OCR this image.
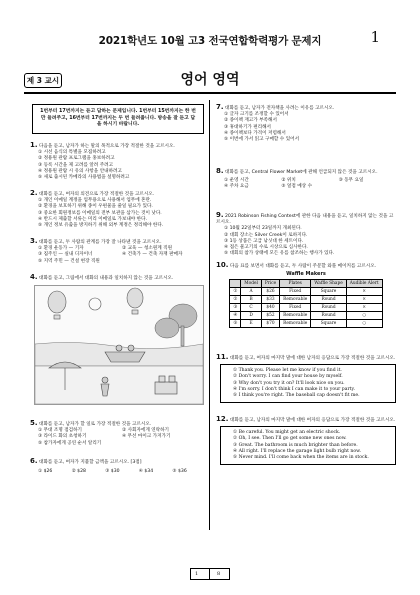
2021학년도 10월 고3 전국연합학력평가 문제지	1
제 3 교시	영어 영역
1번부터 17번까지는 듣고 답하는 문제입니다. 1번부터 15번까지는 한 번만 들려주고, 16번부터 17번까지는 두 번 들려줍니다. 방송을 잘 듣고 답을 하시기 바랍니다.
1. 다음을 듣고, 남자가 하는 말의 목적으로 가장 적절한 것을 고르시오.
① 시선 음식의 특별을 모집하려고
② 정용원 관람 프로그램을 홍보하려고
③ 등록 시간을 제 고려를 알려 주려고
④ 정용원 관람 시 유의 사항을 안내하려고
⑤ 새로 출시된 카메라의 사용법을 설명하려고
2. 대화를 듣고, 여자의 의견으로 가장 적절한 것을 고르시오.
① 개인 이메일 계정을 업무용으로 사용해서 업무에 혼란.
② 환경을 보호하기 위해 종이 우편물을 줄일 필요가 있다.
③ 중요한 회원정보를 이메일의 전부 보관을 삼가는 것이 낫다.
④ 반드시 제출할 서류는 미리 이메일로 가보내야 한다.
⑤ 개인 정보 유출을 방지하기 위해 외부 계정은 정리해야 한다.
3. 대화를 듣고, 두 사람의 관계를 가장 잘 나타낸 것을 고르시오.
① 환경 운동가 — 기자	② 교육 — 청소원계 직원
③ 집주인 — 실내 디자이너	④ 건축가 — 건축 자재 판매자
⑤ 지역 주민 — 건설 현장 직원
4. 대화를 듣고, 그림에서 대화의 내용과 일치하지 않는 것을 고르시오.
5. 대화를 듣고, 남자가 할 일로 가장 적절한 것을 고르시오.
① 무대 조명 점검하기	② 사회자에게 연락하기
③ 라이드 화의 초청하기	④ 무선 마이크 가져가기
⑤ 참가자에게 공연 순서 알리기
6. 대화를 듣고, 여자가 지불할 금액을 고르시오. [3점]
① $26	② $28	③ $30	④ $34	⑤ $36
7. 대화를 듣고, 남자가 전자책을 사려는 이유를 고르시오.
① 글자 크기를 조정할 수 있어서
② 종이책 재고가 부족해서
③ 휴대하기가 편리해서
④ 종이책보다 가격이 저렴해서
⑤ 이번에 가서 읽고 구매할 수 있어서
8. 대화를 듣고, Central Flower Market에 관해 언급되지 않은 것을 고르시오.
① 운영 시간	② 위치	③ 동무 요일
④ 주차 요금	⑤ 얼점 예상 수
9. 2021 Robinson Fishing Contest에 관한 다음 내용을 듣고, 일치하지 않는 것을 고르시오.
① 10월 22일부터 23일까지 개최된다.
② 대회 장소는 Silver Creek이 로하지다.
③ 1등 상품은 고급 낚싯대 한 세트이다.
④ 접은 물고기의 수로 시상으로 심사한다.
⑤ 대회의 참가 상태에 모든 유를 참조하는 행사가 있다.
10. 다음 표를 보면서 대화를 듣고, 두 사람이 주문할 와플 메이커를 고르시오.
Waffle Makers
	Model	Price	Plates	Waffle Shape	Audible Alert
①	A	$26	Fixed	Square	×
②	B	$33	Removable	Round	×
③	C	$40	Fixed	Round	×
④	D	$52	Removable	Round	○
⑤	E	$70	Removable	Square	○
11. 대화를 듣고, 여자의 마지막 말에 대한 남자의 응답으로 가장 적절한 것을 고르시오.
① Thank you. Please let me know if you find it.
② Don't worry. I can find your house by myself.
③ Why don't you try it on? It'll look nice on you.
④ I'm sorry. I don't think I can make it to your party.
⑤ I think you're right. The baseball cap doesn't fit me.
12. 대화를 듣고, 남자의 마지막 말에 대한 여자의 응답으로 가장 적절한 것을 고르시오.
① Be careful. You might get an electric shock.
② Oh, I see. Then I'll go get some new ones now.
③ Great. The bathroom is much brighter than before.
④ All right. I'll replace the garage light bulb right now.
⑤ Never mind. I'll come back when the items are in stock.
1	8
